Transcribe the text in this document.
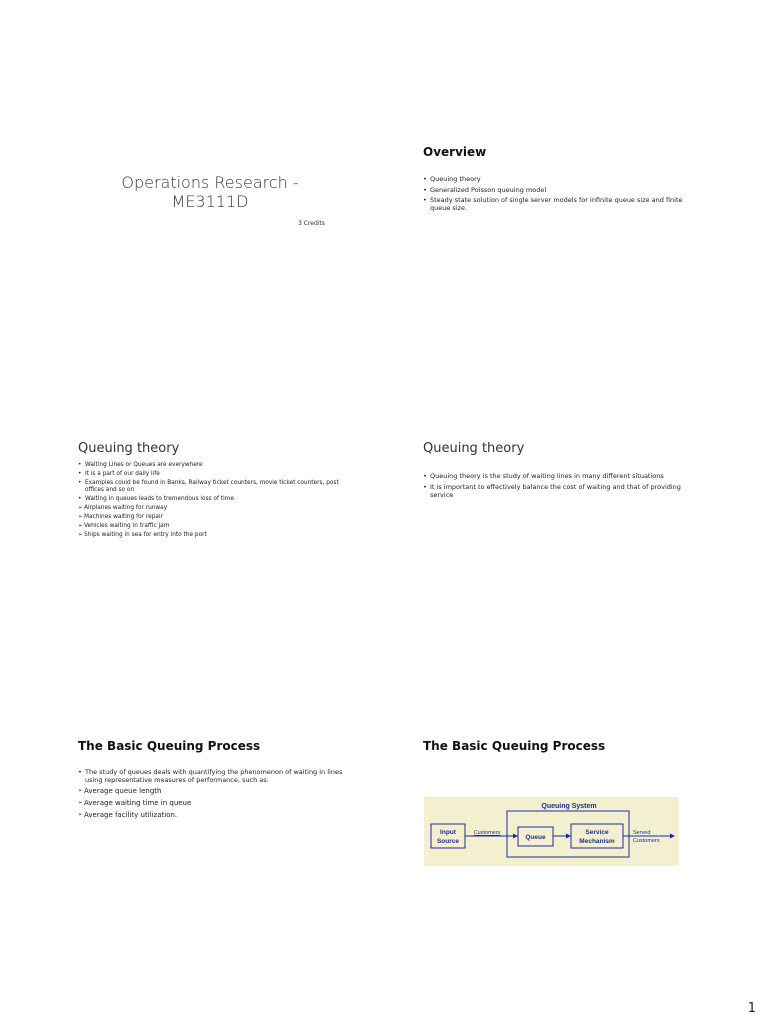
Operations Research - ME3111D
3 Credits
Overview
• Queuing theory
• Generalized Poisson queuing model
• Steady state solution of single server models for infinite queue size and finite queue size.
Queuing theory
• Waiting Lines or Queues are everywhere
• It is a part of our daily life
• Examples could be found in Banks, Railway ticket counters, movie ticket counters, post offices and so on
• Waiting in queues leads to tremendous loss of time
➢ Airplanes waiting for runway
➢ Machines waiting for repair
➢ Vehicles waiting in traffic jam
➢ Ships waiting in sea for entry into the port
Queuing theory
• Queuing theory is the study of waiting lines in many different situations
• It is important to effectively balance the cost of waiting and that of providing service
The Basic Queuing Process
• The study of queues deals with quantifying the phenomenon of waiting in lines using representative measures of performance, such as:
➢ Average queue length
➢ Average waiting time in queue
➢ Average facility utilization.
The Basic Queuing Process
Queuing System
Input
Source
Customers
Queue
Service
Mechanism
Served
Customers
1
